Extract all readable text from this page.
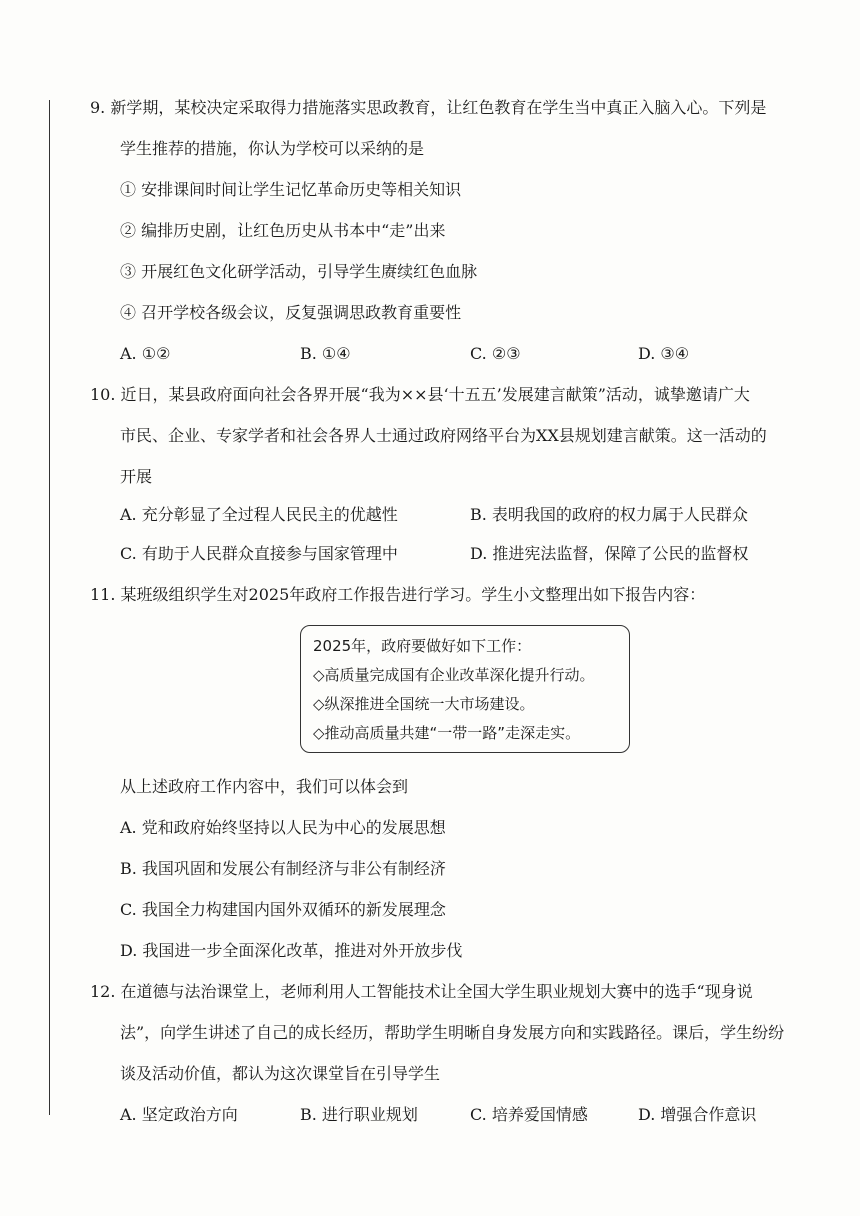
9. 新学期，某校决定采取得力措施落实思政教育，让红色教育在学生当中真正入脑入心。下列是
学生推荐的措施，你认为学校可以采纳的是
① 安排课间时间让学生记忆革命历史等相关知识
② 编排历史剧，让红色历史从书本中“走”出来
③ 开展红色文化研学活动，引导学生赓续红色血脉
④ 召开学校各级会议，反复强调思政教育重要性
A. ①②	B. ①④	C. ②③	D. ③④
10. 近日，某县政府面向社会各界开展“我为××县‘十五五’发展建言献策”活动，诚挚邀请广大
市民、企业、专家学者和社会各界人士通过政府网络平台为XX县规划建言献策。这一活动的
开展
A. 充分彰显了全过程人民民主的优越性	B. 表明我国的政府的权力属于人民群众
C. 有助于人民群众直接参与国家管理中	D. 推进宪法监督，保障了公民的监督权
11. 某班级组织学生对2025年政府工作报告进行学习。学生小文整理出如下报告内容：
2025年，政府要做好如下工作：
◇高质量完成国有企业改革深化提升行动。
◇纵深推进全国统一大市场建设。
◇推动高质量共建“一带一路”走深走实。
从上述政府工作内容中，我们可以体会到
A. 党和政府始终坚持以人民为中心的发展思想
B. 我国巩固和发展公有制经济与非公有制经济
C. 我国全力构建国内国外双循环的新发展理念
D. 我国进一步全面深化改革，推进对外开放步伐
12. 在道德与法治课堂上，老师利用人工智能技术让全国大学生职业规划大赛中的选手“现身说
法”，向学生讲述了自己的成长经历，帮助学生明晰自身发展方向和实践路径。课后，学生纷纷
谈及活动价值，都认为这次课堂旨在引导学生
A. 坚定政治方向	B. 进行职业规划	C. 培养爱国情感	D. 增强合作意识
